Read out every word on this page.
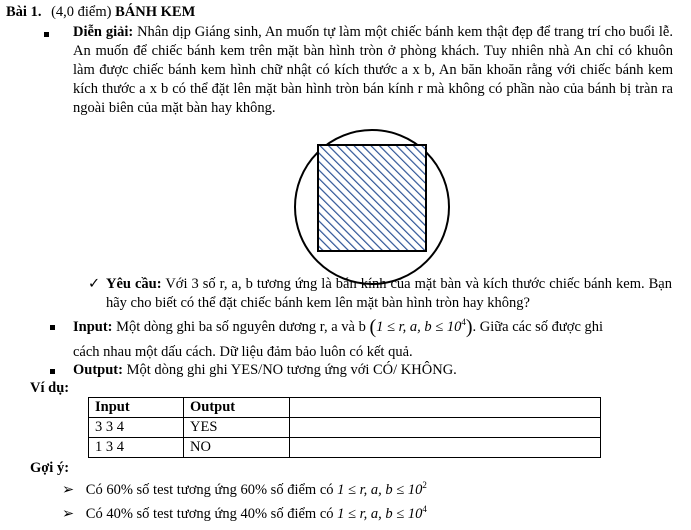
Bài 1. (4,0 điểm) BÁNH KEM
Diễn giải: Nhân dịp Giáng sinh, An muốn tự làm một chiếc bánh kem thật đẹp để trang trí cho buổi lễ. An muốn để chiếc bánh kem trên mặt bàn hình tròn ở phòng khách. Tuy nhiên nhà An chỉ có khuôn làm được chiếc bánh kem hình chữ nhật có kích thước a x b, An băn khoăn rằng với chiếc bánh kem kích thước a x b có thể đặt lên mặt bàn hình tròn bán kính r mà không có phần nào của bánh bị tràn ra ngoài biên của mặt bàn hay không.
✓ Yêu cầu: Với 3 số r, a, b tương ứng là bán kính của mặt bàn và kích thước chiếc bánh kem. Bạn hãy cho biết có thể đặt chiếc bánh kem lên mặt bàn hình tròn hay không?
Input: Một dòng ghi ba số nguyên dương r, a và b (1 ≤ r, a, $b \le 10^4$). Giữa các số được ghi
cách nhau một dấu cách. Dữ liệu đảm bảo luôn có kết quả.
Output: Một dòng ghi ghi YES/NO tương ứng với CÓ/ KHÔNG.
Ví dụ:
Input	Output	
3 3 4	YES	
1 3 4	NO	
Gợi ý:
➢ Có 60% số test tương ứng 60% số điểm có 1 ≤ r, a, $b \le 10^2$
➢ Có 40% số test tương ứng 40% số điểm có 1 ≤ r, a, $b \le 10^4$
